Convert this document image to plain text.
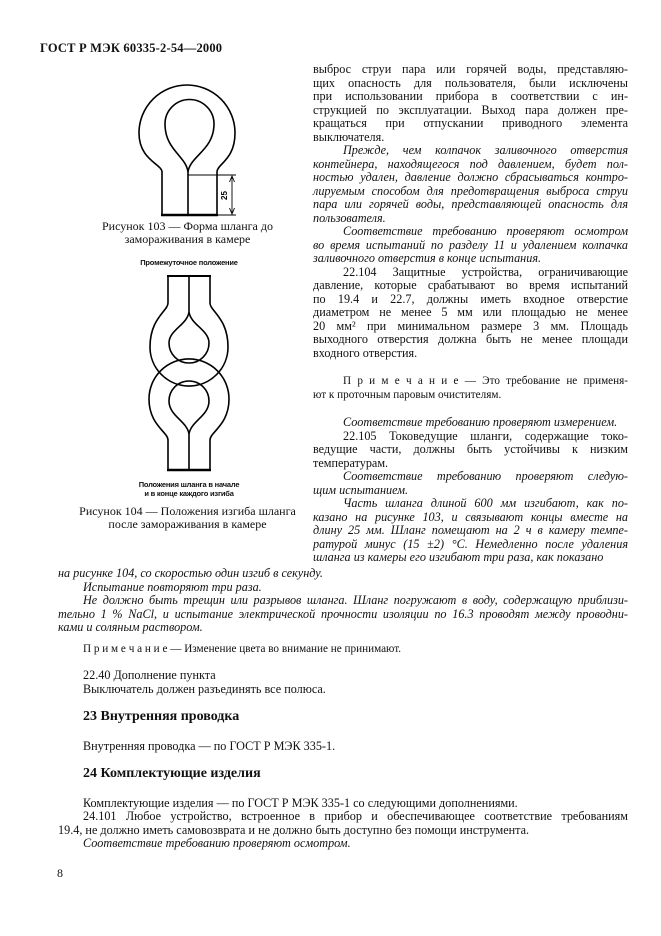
ГОСТ Р МЭК 60335-2-54—2000
25
Рисунок 103 — Форма шланга до
замораживания в камере
Промежуточное положение
Положения шланга в начале
и в конце каждого изгиба
Рисунок 104 — Положения изгиба шланга
после замораживания в камере
выброс струи пара или горячей воды, представляю-
щих опасность для пользователя, были исключены
при использовании прибора в соответствии с ин-
струкцией по эксплуатации. Выход пара должен пре-
кращаться при отпускании приводного элемента
выключателя.
Прежде, чем колпачок заливочного отверстия
контейнера, находящегося под давлением, будет пол-
ностью удален, давление должно сбрасываться контро-
лируемым способом для предотвращения выброса струи
пара или горячей воды, представляющей опасность для
пользователя.
Соответствие требованию проверяют осмотром
во время испытаний по разделу 11 и удалением колпачка
заливочного отверстия в конце испытания.
22.104 Защитные устройства, ограничивающие
давление, которые срабатывают во время испытаний
по 19.4 и 22.7, должны иметь входное отверстие
диаметром не менее 5 мм или площадью не менее
20 мм² при минимальном размере 3 мм. Площадь
выходного отверстия должна быть не менее площади
входного отверстия.
П р и м е ч а н и е — Это требование не применя-
ют к проточным паровым очистителям.
Соответствие требованию проверяют измерением.
22.105 Токоведущие шланги, содержащие токо-
ведущие части, должны быть устойчивы к низким
температурам.
Соответствие требованию проверяют следую-
щим испытанием.
Часть шланга длиной 600 мм изгибают, как по-
казано на рисунке 103, и связывают концы вместе на
длину 25 мм. Шланг помещают на 2 ч в камеру темпе-
ратурой минус (15 ±2) °C. Немедленно после удаления
шланга из камеры его изгибают три раза, как показано
на рисунке 104, со скоростью один изгиб в секунду.
Испытание повторяют три раза.
Не должно быть трещин или разрывов шланга. Шланг погружают в воду, содержащую приблизи-
тельно 1 % NaCl, и испытание электрической прочности изоляции по 16.3 проводят между проводни-
ками и соляным раствором.
П р и м е ч а н и е — Изменение цвета во внимание не принимают.
22.40 Дополнение пункта
Выключатель должен разъединять все полюса.
23 Внутренняя проводка
Внутренняя проводка — по ГОСТ Р МЭК 335-1.
24 Комплектующие изделия
Комплектующие изделия — по ГОСТ Р МЭК 335-1 со следующими дополнениями.
24.101 Любое устройство, встроенное в прибор и обеспечивающее соответствие требованиям
19.4, не должно иметь самовозврата и не должно быть доступно без помощи инструмента.
Соответствие требованию проверяют осмотром.
8
